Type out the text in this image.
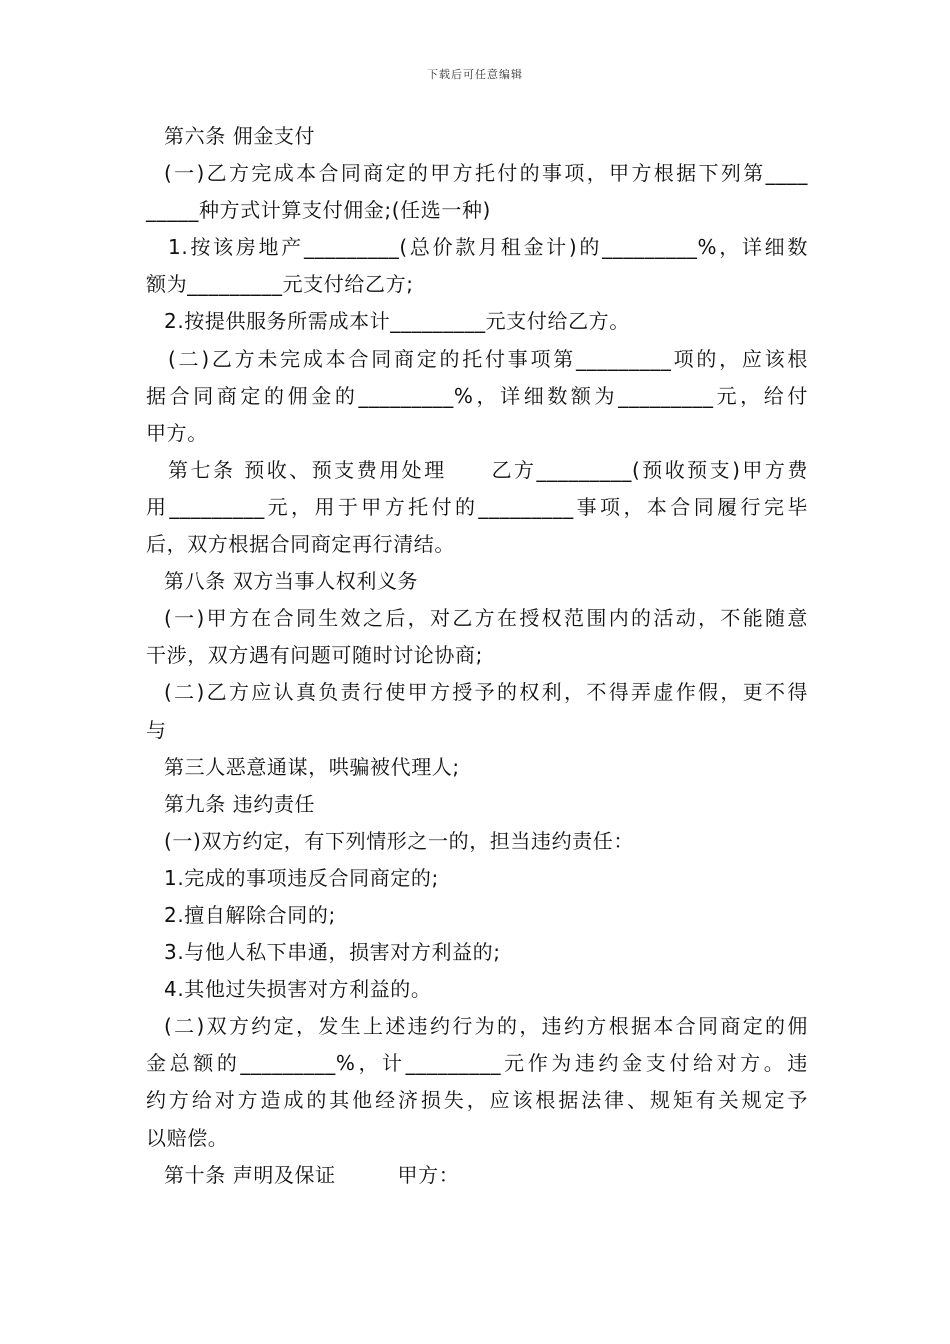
下载后可任意编辑
第六条 佣金支付
(一)乙方完成本合同商定的甲方托付的事项，甲方根据下列第____
_____种方式计算支付佣金;(任选一种)
1.按该房地产_________(总价款月租金计)的_________%，详细数
额为_________元支付给乙方;
2.按提供服务所需成本计_________元支付给乙方。
(二)乙方未完成本合同商定的托付事项第_________项的，应该根
据合同商定的佣金的_________%，详细数额为_________元，给付
甲方。
第七条 预收、预支费用处理　　乙方_________(预收预支)甲方费
用_________元，用于甲方托付的_________事项，本合同履行完毕
后，双方根据合同商定再行清结。
第八条 双方当事人权利义务
(一)甲方在合同生效之后，对乙方在授权范围内的活动，不能随意
干涉，双方遇有问题可随时讨论协商;
(二)乙方应认真负责行使甲方授予的权利，不得弄虚作假，更不得
与
第三人恶意通谋，哄骗被代理人;
第九条 违约责任
(一)双方约定，有下列情形之一的，担当违约责任：
1.完成的事项违反合同商定的;
2.擅自解除合同的;
3.与他人私下串通，损害对方利益的;
4.其他过失损害对方利益的。
(二)双方约定，发生上述违约行为的，违约方根据本合同商定的佣
金总额的_________%，计_________元作为违约金支付给对方。违
约方给对方造成的其他经济损失，应该根据法律、规矩有关规定予
以赔偿。
第十条 声明及保证　　　甲方：
